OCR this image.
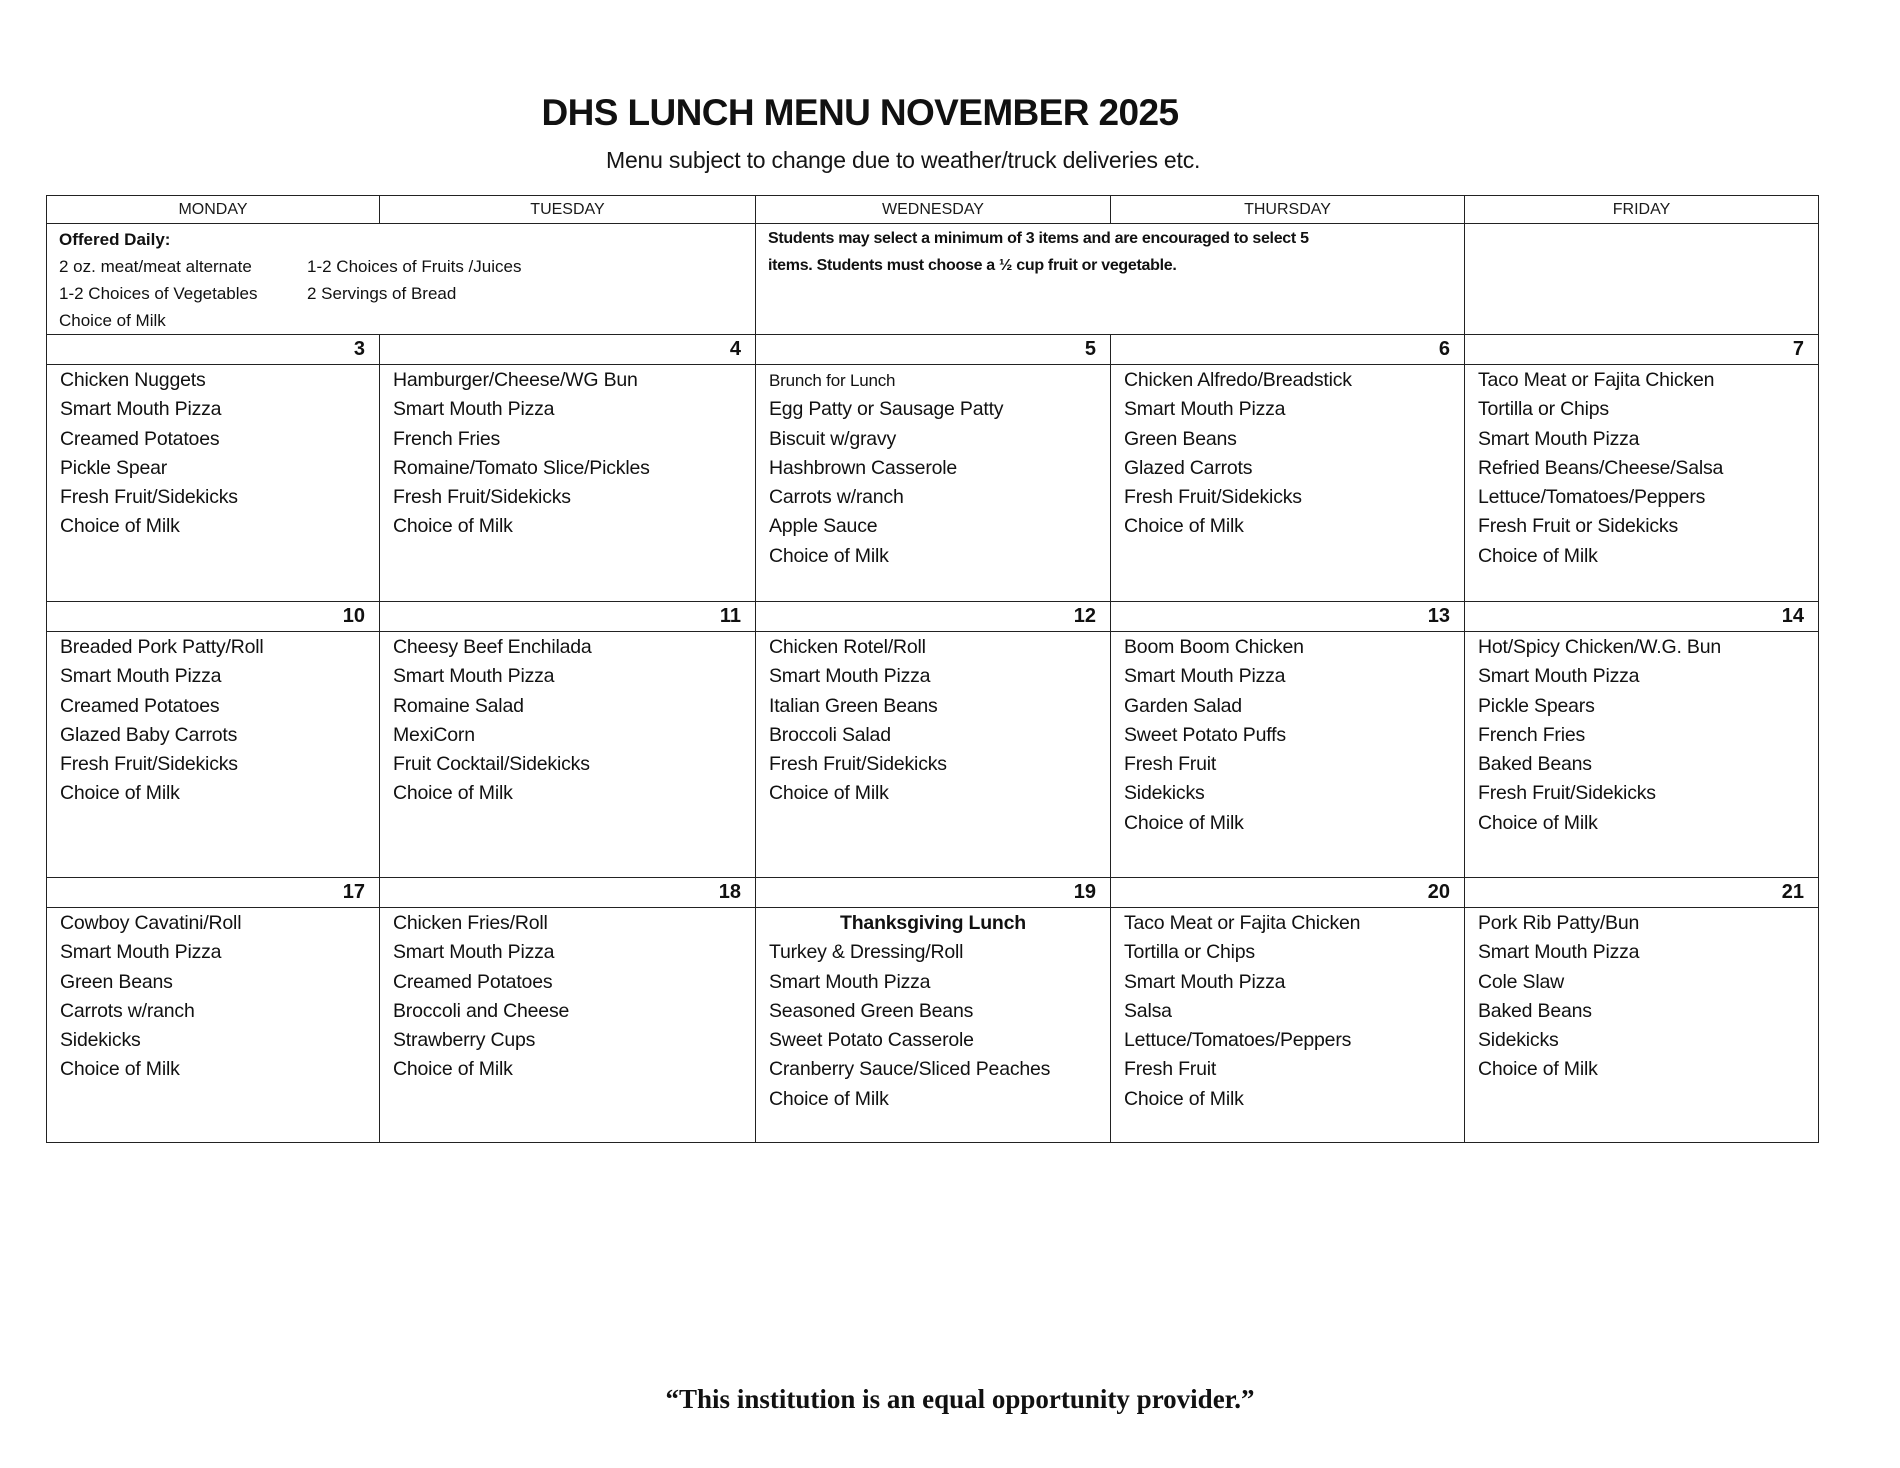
DHS LUNCH MENU NOVEMBER 2025
Menu subject to change due to weather/truck deliveries etc.
MONDAY	TUESDAY	WEDNESDAY	THURSDAY	FRIDAY

Offered Daily:
2 oz. meat/meat alternate	1-2 Choices of Fruits /Juices
1-2 Choices of Vegetables	2 Servings of Bread
Choice of Milk

Students may select a minimum of 3 items and are encouraged to select 5
items. Students must choose a ½ cup fruit or vegetable.

3	4	5	6	7

Chicken Nuggets
Smart Mouth Pizza
Creamed Potatoes
Pickle Spear
Fresh Fruit/Sidekicks
Choice of Milk

Hamburger/Cheese/WG Bun
Smart Mouth Pizza
French Fries
Romaine/Tomato Slice/Pickles
Fresh Fruit/Sidekicks
Choice of Milk

Brunch for Lunch
Egg Patty or Sausage Patty
Biscuit w/gravy
Hashbrown Casserole
Carrots w/ranch
Apple Sauce
Choice of Milk

Chicken Alfredo/Breadstick
Smart Mouth Pizza
Green Beans
Glazed Carrots
Fresh Fruit/Sidekicks
Choice of Milk

Taco Meat or Fajita Chicken
Tortilla or Chips
Smart Mouth Pizza
Refried Beans/Cheese/Salsa
Lettuce/Tomatoes/Peppers
Fresh Fruit or Sidekicks
Choice of Milk

10	11	12	13	14

Breaded Pork Patty/Roll
Smart Mouth Pizza
Creamed Potatoes
Glazed Baby Carrots
Fresh Fruit/Sidekicks
Choice of Milk

Cheesy Beef Enchilada
Smart Mouth Pizza
Romaine Salad
MexiCorn
Fruit Cocktail/Sidekicks
Choice of Milk

Chicken Rotel/Roll
Smart Mouth Pizza
Italian Green Beans
Broccoli Salad
Fresh Fruit/Sidekicks
Choice of Milk

Boom Boom Chicken
Smart Mouth Pizza
Garden Salad
Sweet Potato Puffs
Fresh Fruit
Sidekicks
Choice of Milk

Hot/Spicy Chicken/W.G. Bun
Smart Mouth Pizza
Pickle Spears
French Fries
Baked Beans
Fresh Fruit/Sidekicks
Choice of Milk

17	18	19	20	21

Cowboy Cavatini/Roll
Smart Mouth Pizza
Green Beans
Carrots w/ranch
Sidekicks
Choice of Milk

Chicken Fries/Roll
Smart Mouth Pizza
Creamed Potatoes
Broccoli and Cheese
Strawberry Cups
Choice of Milk

Thanksgiving Lunch
Turkey & Dressing/Roll
Smart Mouth Pizza
Seasoned Green Beans
Sweet Potato Casserole
Cranberry Sauce/Sliced Peaches
Choice of Milk

Taco Meat or Fajita Chicken
Tortilla or Chips
Smart Mouth Pizza
Salsa
Lettuce/Tomatoes/Peppers
Fresh Fruit
Choice of Milk

Pork Rib Patty/Bun
Smart Mouth Pizza
Cole Slaw
Baked Beans
Sidekicks
Choice of Milk
“This institution is an equal opportunity provider.”
